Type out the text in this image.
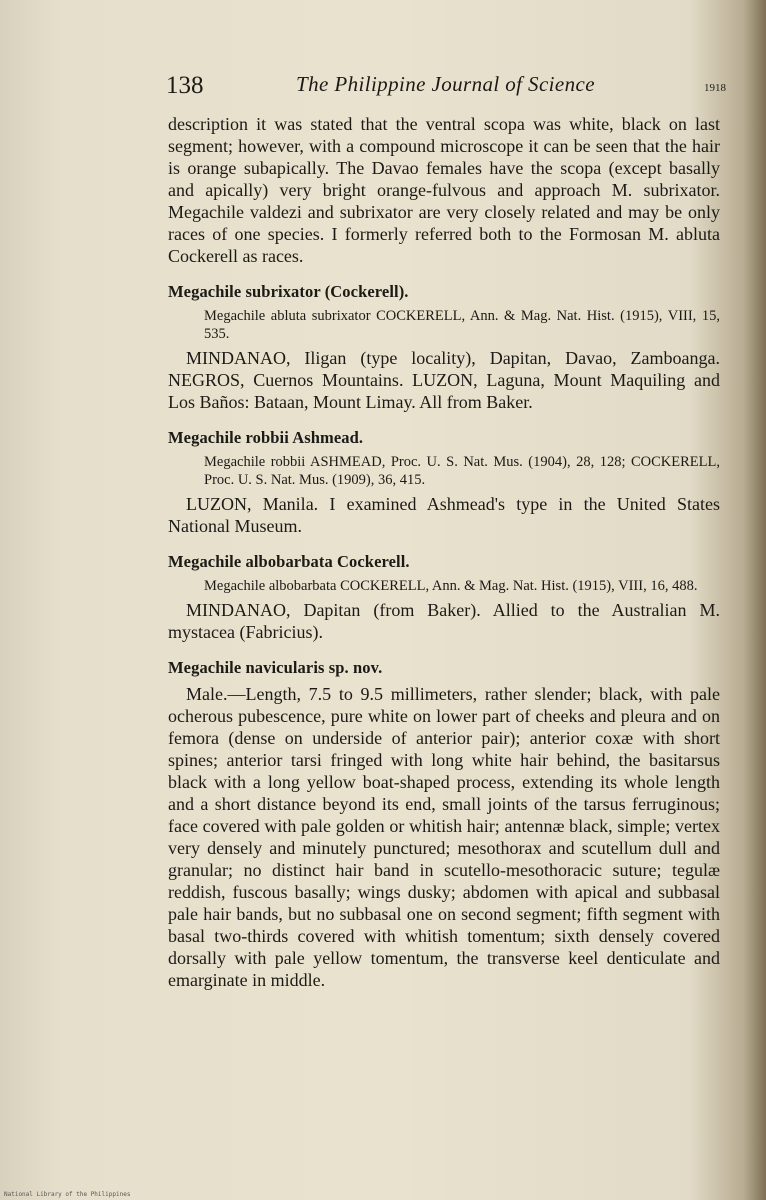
138	The Philippine Journal of Science	1918

description it was stated that the ventral scopa was white, black on last segment; however, with a compound microscope it can be seen that the hair is orange subapically. The Davao females have the scopa (except basally and apically) very bright orange-fulvous and approach M. subrixator. Megachile valdezi and subrixator are very closely related and may be only races of one species. I formerly referred both to the Formosan M. abluta Cockerell as races.

Megachile subrixator (Cockerell).

Megachile abluta subrixator COCKERELL, Ann. & Mag. Nat. Hist. (1915), VIII, 15, 535.

MINDANAO, Iligan (type locality), Dapitan, Davao, Zamboanga. NEGROS, Cuernos Mountains. LUZON, Laguna, Mount Maquiling and Los Baños: Bataan, Mount Limay. All from Baker.

Megachile robbii Ashmead.

Megachile robbii ASHMEAD, Proc. U. S. Nat. Mus. (1904), 28, 128; COCKERELL, Proc. U. S. Nat. Mus. (1909), 36, 415.

LUZON, Manila. I examined Ashmead's type in the United States National Museum.

Megachile albobarbata Cockerell.

Megachile albobarbata COCKERELL, Ann. & Mag. Nat. Hist. (1915), VIII, 16, 488.

MINDANAO, Dapitan (from Baker). Allied to the Australian M. mystacea (Fabricius).

Megachile navicularis sp. nov.

Male.—Length, 7.5 to 9.5 millimeters, rather slender; black, with pale ocherous pubescence, pure white on lower part of cheeks and pleura and on femora (dense on underside of anterior pair); anterior coxæ with short spines; anterior tarsi fringed with long white hair behind, the basitarsus black with a long yellow boat-shaped process, extending its whole length and a short distance beyond its end, small joints of the tarsus ferruginous; face covered with pale golden or whitish hair; antennæ black, simple; vertex very densely and minutely punctured; mesothorax and scutellum dull and granular; no distinct hair band in scutello-mesothoracic suture; tegulæ reddish, fuscous basally; wings dusky; abdomen with apical and subbasal pale hair bands, but no subbasal one on second segment; fifth segment with basal two-thirds covered with whitish tomentum; sixth densely covered dorsally with pale yellow tomentum, the transverse keel denticulate and emarginate in middle.

National Library of the Philippines
